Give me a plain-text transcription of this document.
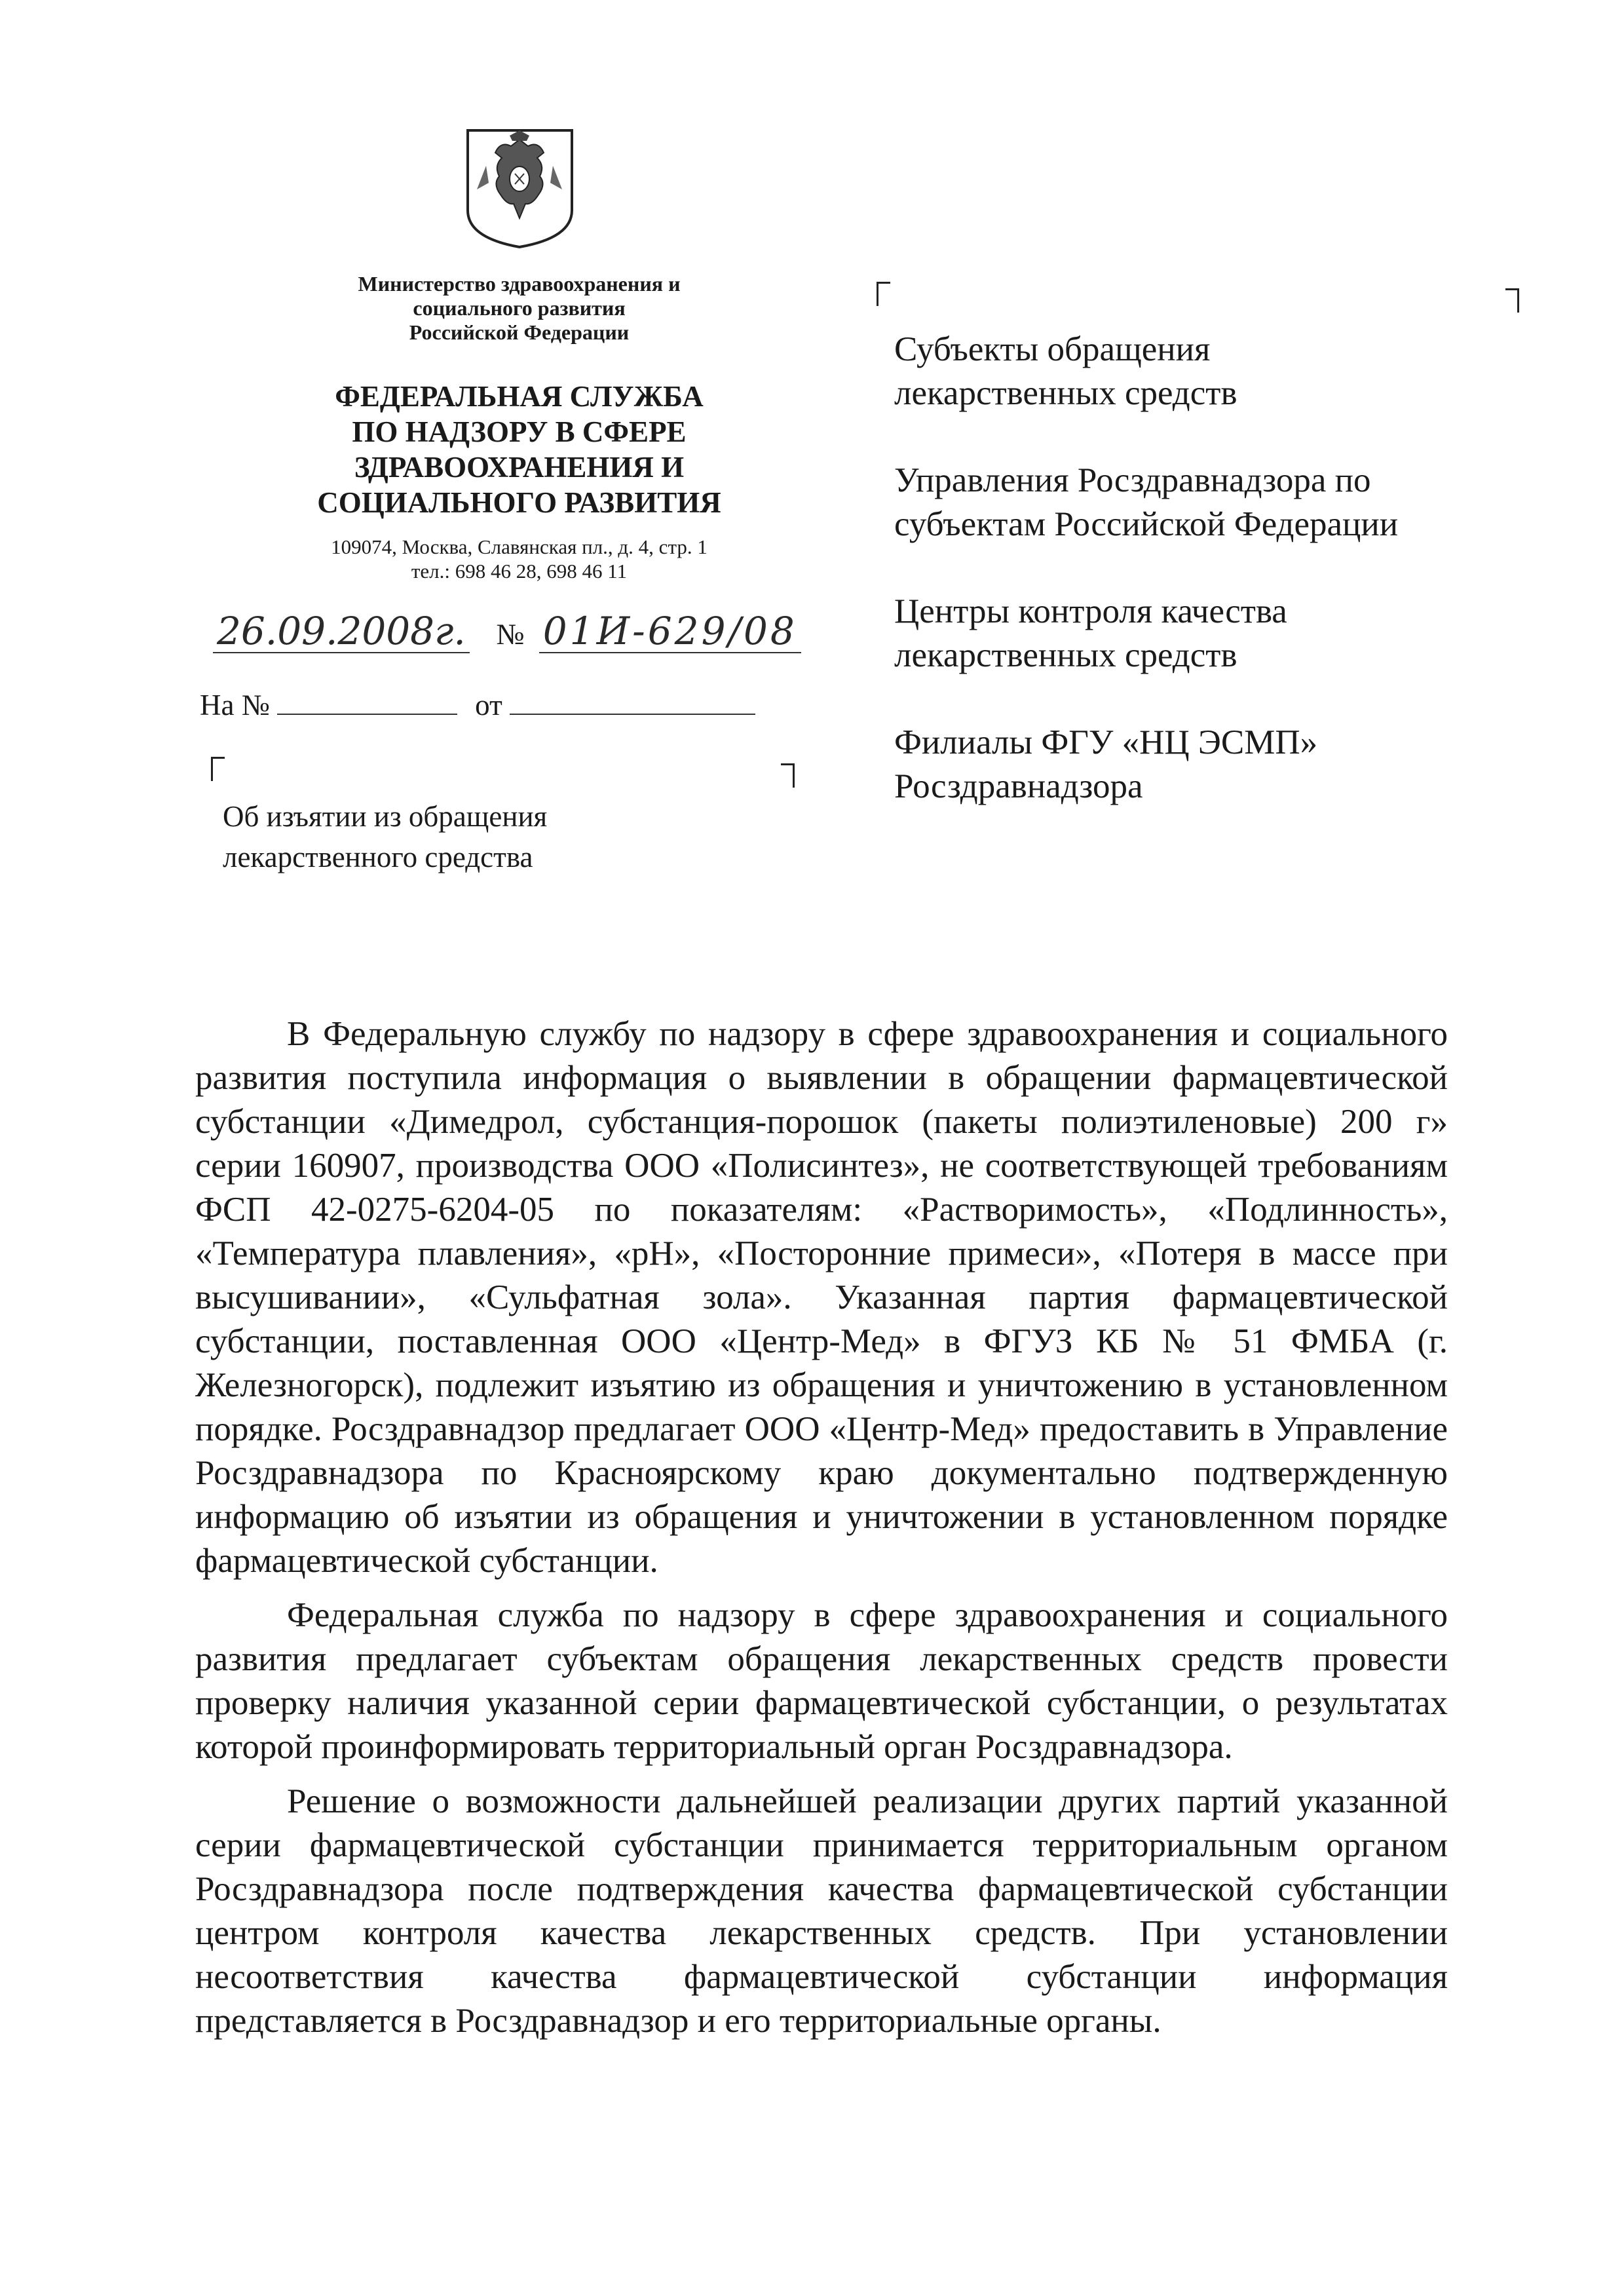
Министерство здравоохранения и
социального развития
Российской Федерации
ФЕДЕРАЛЬНАЯ СЛУЖБА
ПО НАДЗОРУ В СФЕРЕ
ЗДРАВООХРАНЕНИЯ И
СОЦИАЛЬНОГО РАЗВИТИЯ
109074, Москва, Славянская пл., д. 4, стр. 1
тел.: 698 46 28, 698 46 11
26.09.2008г. № 01И-629/08
На №	от
Об изъятии из обращения
лекарственного средства

Субъекты обращения
лекарственных средств

Управления Росздравнадзора по
субъектам Российской Федерации

Центры контроля качества
лекарственных средств

Филиалы ФГУ «НЦ ЭСМП»
Росздравнадзора

В Федеральную службу по надзору в сфере здравоохранения и социального развития поступила информация о выявлении в обращении фармацевтической субстанции «Димедрол, субстанция-порошок (пакеты полиэтиленовые) 200 г» серии 160907, производства ООО «Полисинтез», не соответствующей требованиям ФСП 42-0275-6204-05 по показателям: «Растворимость», «Подлинность», «Температура плавления», «pH», «Посторонние примеси», «Потеря в массе при высушивании», «Сульфатная зола». Указанная партия фармацевтической субстанции, поставленная ООО «Центр-Мед» в ФГУЗ КБ № 51 ФМБА (г. Железногорск), подлежит изъятию из обращения и уничтожению в установленном порядке. Росздравнадзор предлагает ООО «Центр-Мед» предоставить в Управление Росздравнадзора по Красноярскому краю документально подтвержденную информацию об изъятии из обращения и уничтожении в установленном порядке фармацевтической субстанции.

Федеральная служба по надзору в сфере здравоохранения и социального развития предлагает субъектам обращения лекарственных средств провести проверку наличия указанной серии фармацевтической субстанции, о результатах которой проинформировать территориальный орган Росздравнадзора.

Решение о возможности дальнейшей реализации других партий указанной серии фармацевтической субстанции принимается территориальным органом Росздравнадзора после подтверждения качества фармацевтической субстанции центром контроля качества лекарственных средств. При установлении несоответствия качества фармацевтической субстанции информация представляется в Росздравнадзор и его территориальные органы.
